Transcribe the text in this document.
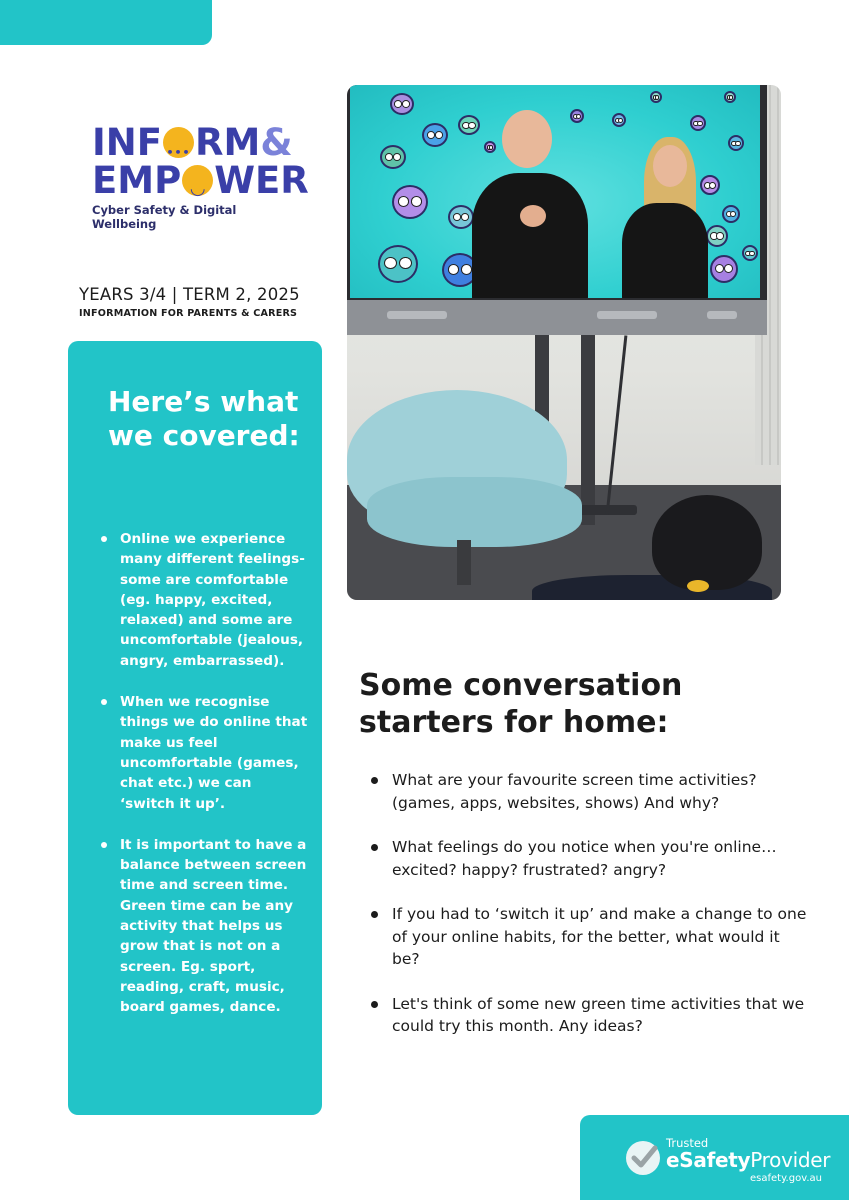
INF ••• RM&
EMP ◡ WER
Cyber Safety & Digital Wellbeing
YEARS 3/4 | TERM 2, 2025
INFORMATION FOR PARENTS & CARERS
Here’s what we covered:
Online we experience many different feelings- some are comfortable (eg. happy, excited, relaxed) and some are uncomfortable (jealous, angry, embarrassed).
When we recognise things we do online that make us feel uncomfortable (games, chat etc.) we can ‘switch it up’.
It is important to have a balance between screen time and screen time. Green time can be any activity that helps us grow that is not on a screen. Eg. sport, reading, craft, music, board games, dance.
Some conversation starters for home:
What are your favourite screen time activities? (games, apps, websites, shows) And why?
What feelings do you notice when you're online… excited? happy? frustrated? angry?
If you had to ‘switch it up’ and make a change to one of your online habits, for the better, what would it be?
Let's think of some new green time activities that we could try this month. Any ideas?
Trusted
eSafetyProvider
esafety.gov.au
